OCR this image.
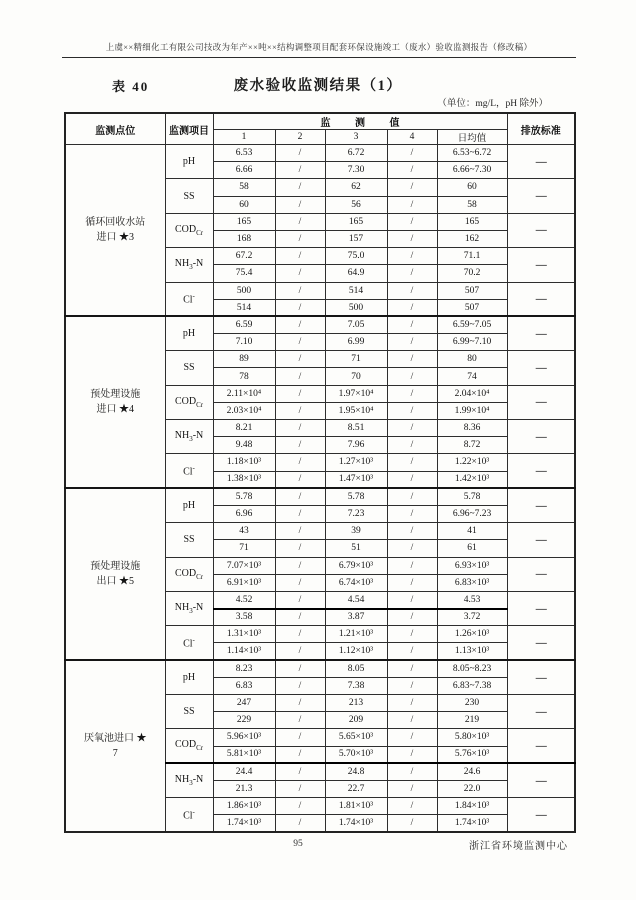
上虞××精细化工有限公司技改为年产××吨××结构调整项目配套环保设施竣工（废水）验收监测报告（修改稿）
表 40	废水验收监测结果（1）
（单位：mg/L，pH 除外）
监测点位	监测项目	监 测 值					排放标准
		1	2	3	4	日均值	

循环回收水站
进口 ★3	pH	6.53	/	6.72	/	6.53~6.72	—
		6.66	/	7.30	/	6.66~7.30	
	SS	58	/	62	/	60	—
		60	/	56	/	58	
	$COD_{Cr}$	165	/	165	/	165	—
		168	/	157	/	162	
	$NH_3-N$	67.2	/	75.0	/	71.1	—
		75.4	/	64.9	/	70.2	
	Cl-	500	/	514	/	507	—
		514	/	500	/	507	

预处理设施
进口 ★4	pH	6.59	/	7.05	/	6.59~7.05	—
		7.10	/	6.99	/	6.99~7.10	
	SS	89	/	71	/	80	—
		78	/	70	/	74	
	$COD_{Cr}$	2.11×10⁴	/	1.97×10⁴	/	2.04×10⁴	—
		2.03×10⁴	/	1.95×10⁴	/	1.99×10⁴	
	$NH_3-N$	8.21	/	8.51	/	8.36	—
		9.48	/	7.96	/	8.72	
	Cl-	1.18×10³	/	1.27×10³	/	1.22×10³	—
		1.38×10³	/	1.47×10³	/	1.42×10³	

预处理设施
出口 ★5	pH	5.78	/	5.78	/	5.78	—
		6.96	/	7.23	/	6.96~7.23	
	SS	43	/	39	/	41	—
		71	/	51	/	61	
	$COD_{Cr}$	7.07×10³	/	6.79×10³	/	6.93×10³	—
		6.91×10³	/	6.74×10³	/	6.83×10³	
	$NH_3-N$	4.52	/	4.54	/	4.53	—
		3.58	/	3.87	/	3.72	
	Cl-	1.31×10³	/	1.21×10³	/	1.26×10³	—
		1.14×10³	/	1.12×10³	/	1.13×10³	

厌氧池进口 ★
7	pH	8.23	/	8.05	/	8.05~8.23	—
		6.83	/	7.38	/	6.83~7.38	
	SS	247	/	213	/	230	—
		229	/	209	/	219	
	$COD_{Cr}$	5.96×10³	/	5.65×10³	/	5.80×10³	—
		5.81×10³	/	5.70×10³	/	5.76×10³	
	$NH_3-N$	24.4	/	24.8	/	24.6	—
		21.3	/	22.7	/	22.0	
	Cl-	1.86×10³	/	1.81×10³	/	1.84×10³	—
		1.74×10³	/	1.74×10³	/	1.74×10³	
95	浙江省环境监测中心
